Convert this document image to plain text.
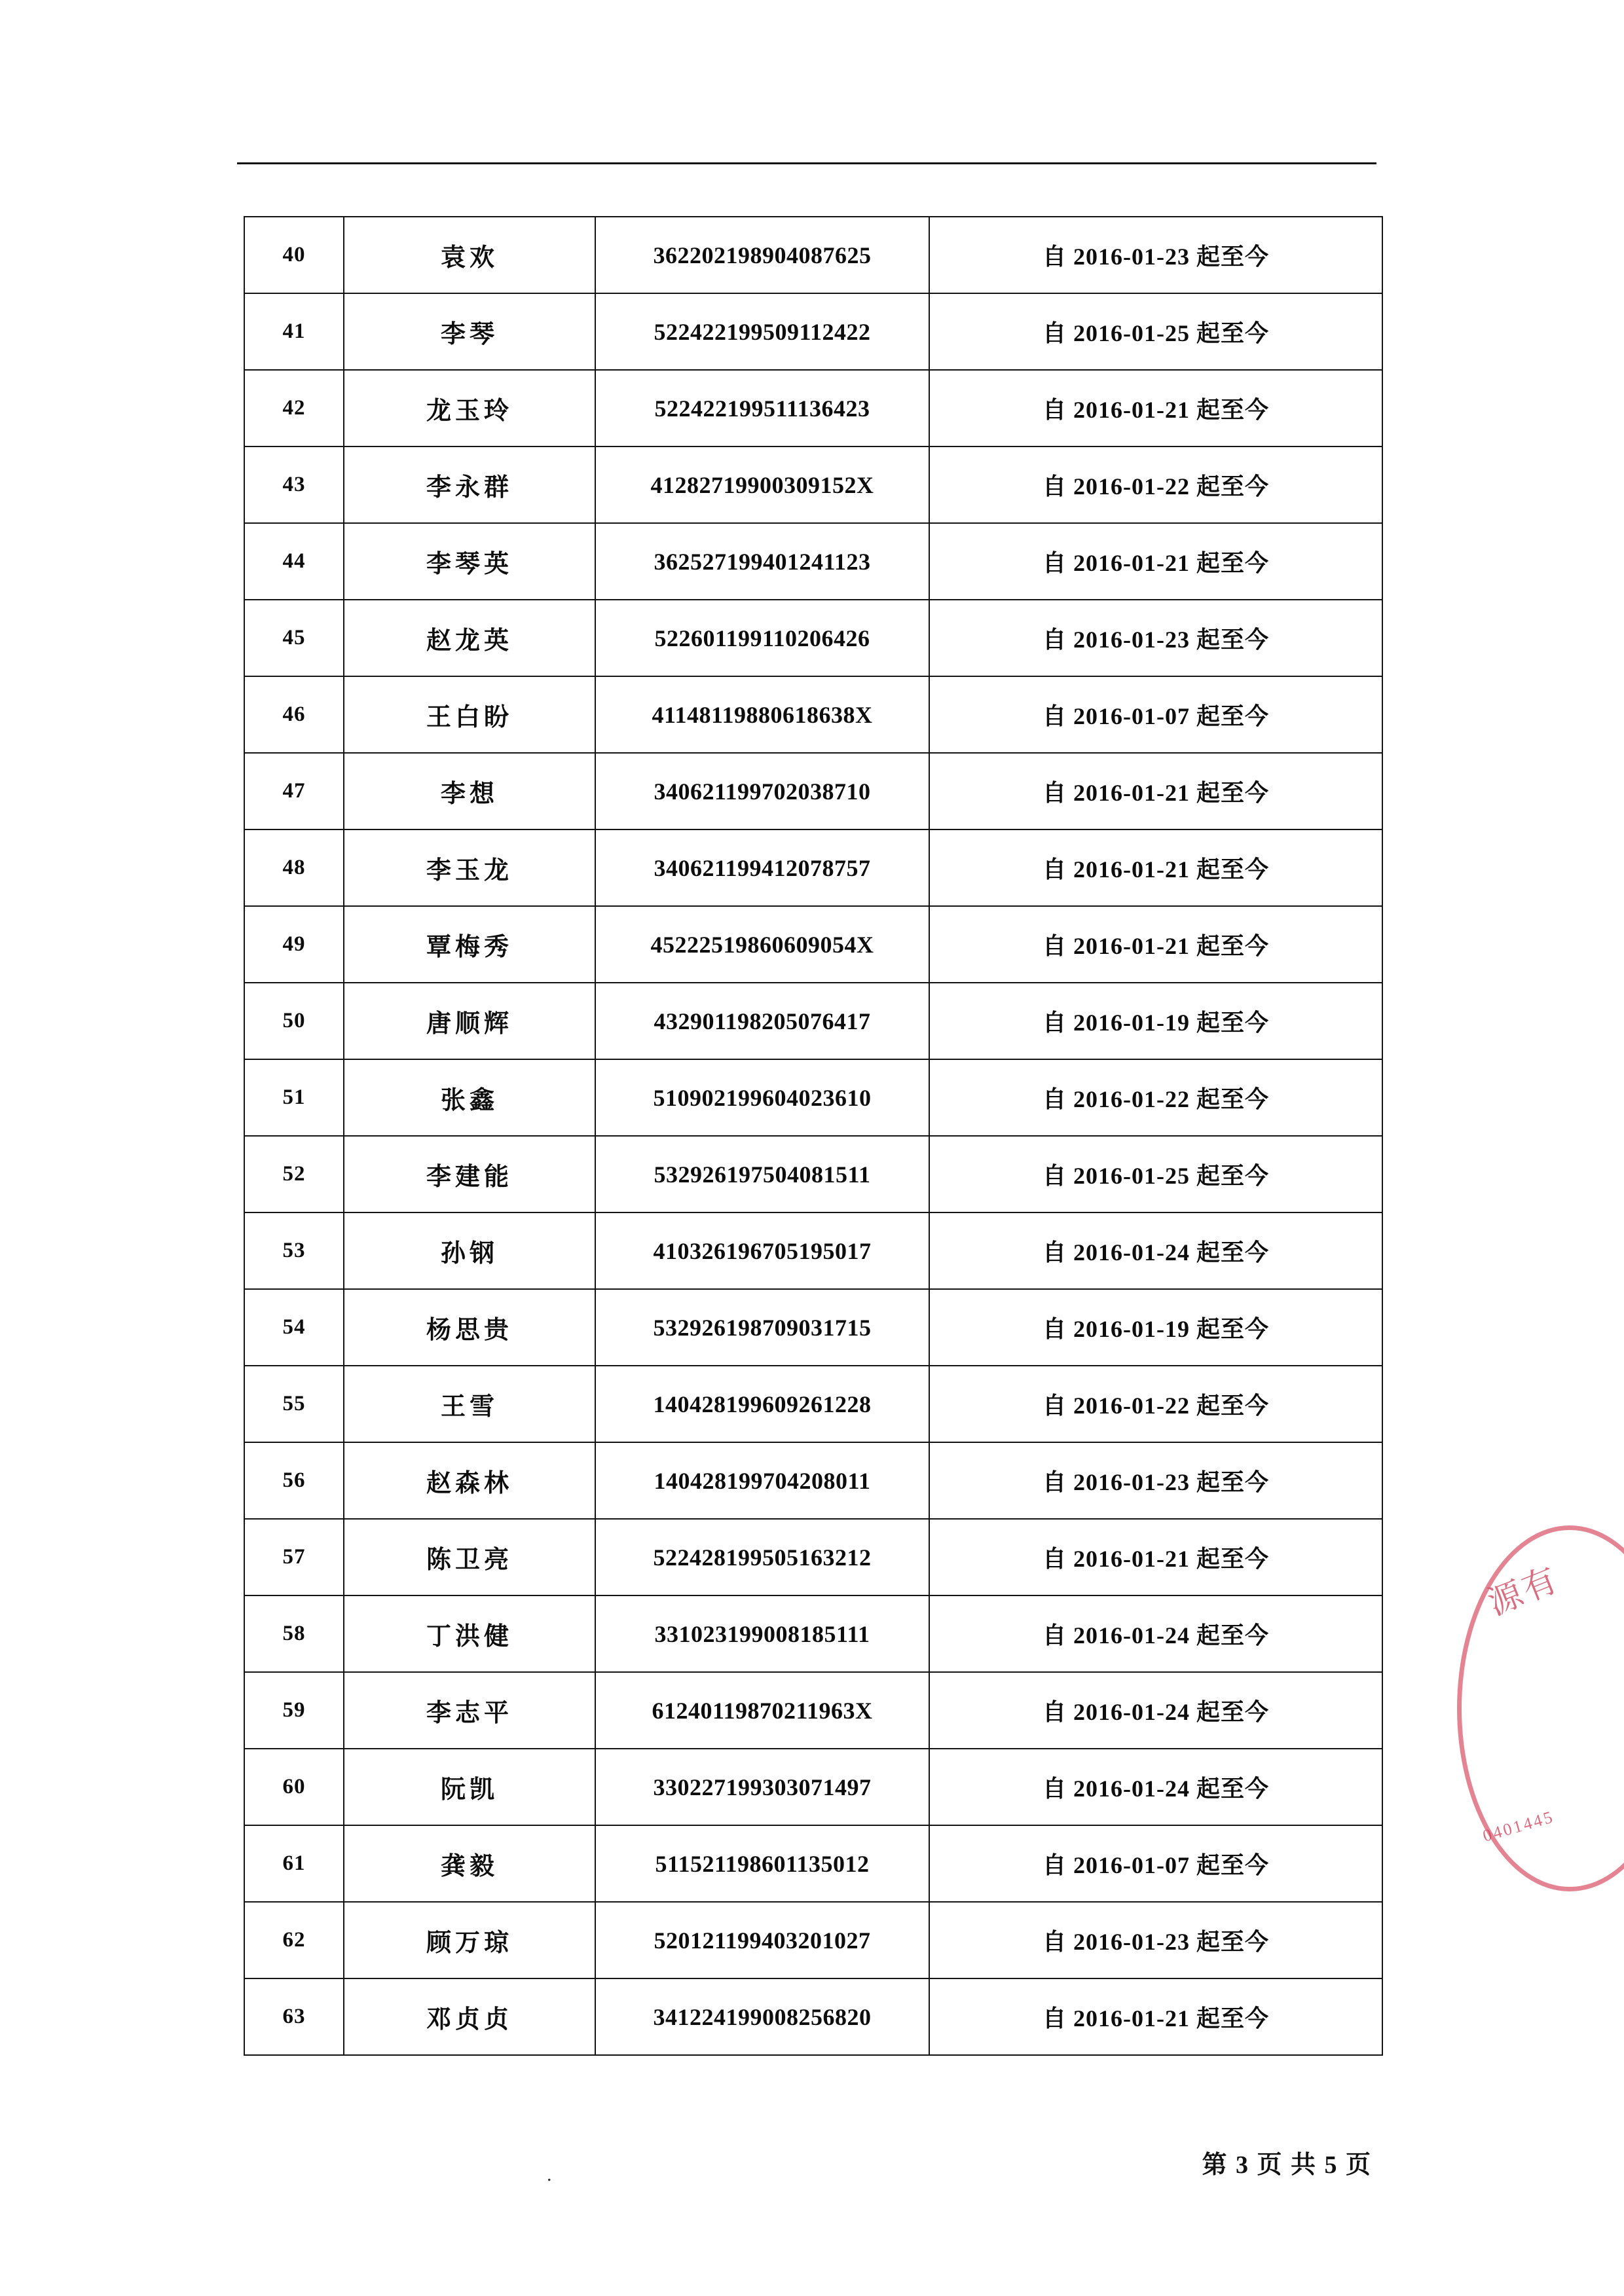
40	袁欢	362202198904087625	自 2016-01-23 起至今
41	李琴	522422199509112422	自 2016-01-25 起至今
42	龙玉玲	522422199511136423	自 2016-01-21 起至今
43	李永群	41282719900309152X	自 2016-01-22 起至今
44	李琴英	362527199401241123	自 2016-01-21 起至今
45	赵龙英	522601199110206426	自 2016-01-23 起至今
46	王白盼	41148119880618638X	自 2016-01-07 起至今
47	李想	340621199702038710	自 2016-01-21 起至今
48	李玉龙	340621199412078757	自 2016-01-21 起至今
49	覃梅秀	45222519860609054X	自 2016-01-21 起至今
50	唐顺辉	432901198205076417	自 2016-01-19 起至今
51	张鑫	510902199604023610	自 2016-01-22 起至今
52	李建能	532926197504081511	自 2016-01-25 起至今
53	孙钢	410326196705195017	自 2016-01-24 起至今
54	杨思贵	532926198709031715	自 2016-01-19 起至今
55	王雪	140428199609261228	自 2016-01-22 起至今
56	赵森林	140428199704208011	自 2016-01-23 起至今
57	陈卫亮	522428199505163212	自 2016-01-21 起至今
58	丁洪健	331023199008185111	自 2016-01-24 起至今
59	李志平	61240119870211963X	自 2016-01-24 起至今
60	阮凯	330227199303071497	自 2016-01-24 起至今
61	龚毅	511521198601135012	自 2016-01-07 起至今
62	顾万琼	520121199403201027	自 2016-01-23 起至今
63	邓贞贞	341224199008256820	自 2016-01-21 起至今
源有
0401445
.	第 3 页 共 5 页
